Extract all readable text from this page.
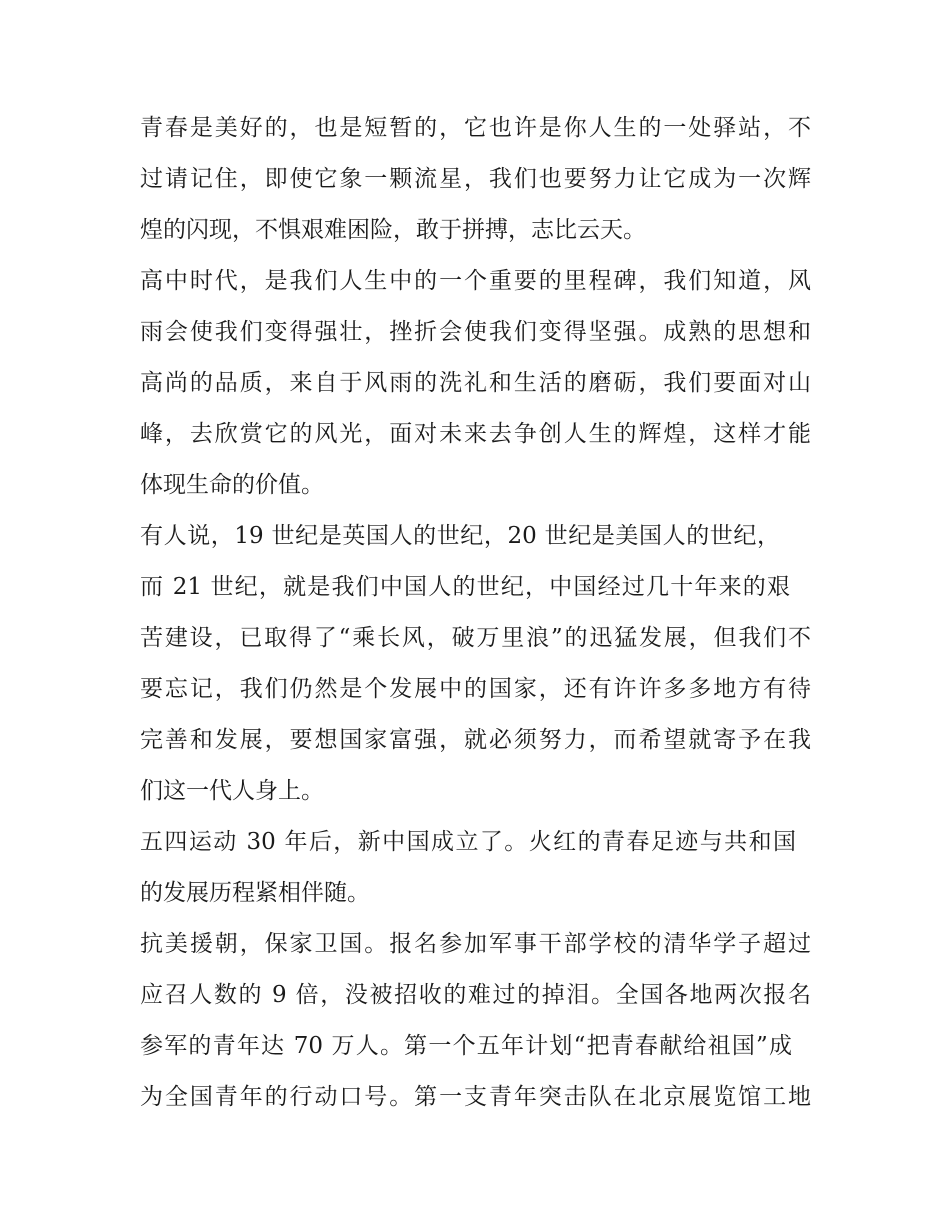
青春是美好的，也是短暂的，它也许是你人生的一处驿站，不

过请记住，即使它象一颗流星，我们也要努力让它成为一次辉

煌的闪现，不惧艰难困险，敢于拼搏，志比云天。

高中时代，是我们人生中的一个重要的里程碑，我们知道，风

雨会使我们变得强壮，挫折会使我们变得坚强。成熟的思想和

高尚的品质，来自于风雨的洗礼和生活的磨砺，我们要面对山

峰，去欣赏它的风光，面对未来去争创人生的辉煌，这样才能

体现生命的价值。

有人说，19 世纪是英国人的世纪，20 世纪是美国人的世纪，

而 21 世纪，就是我们中国人的世纪，中国经过几十年来的艰

苦建设，已取得了“乘长风，破万里浪”的迅猛发展，但我们不

要忘记，我们仍然是个发展中的国家，还有许许多多地方有待

完善和发展，要想国家富强，就必须努力，而希望就寄予在我

们这一代人身上。

五四运动 30 年后，新中国成立了。火红的青春足迹与共和国

的发展历程紧相伴随。

抗美援朝，保家卫国。报名参加军事干部学校的清华学子超过

应召人数的 9 倍，没被招收的难过的掉泪。全国各地两次报名

参军的青年达 70 万人。第一个五年计划“把青春献给祖国”成

为全国青年的行动口号。第一支青年突击队在北京展览馆工地
